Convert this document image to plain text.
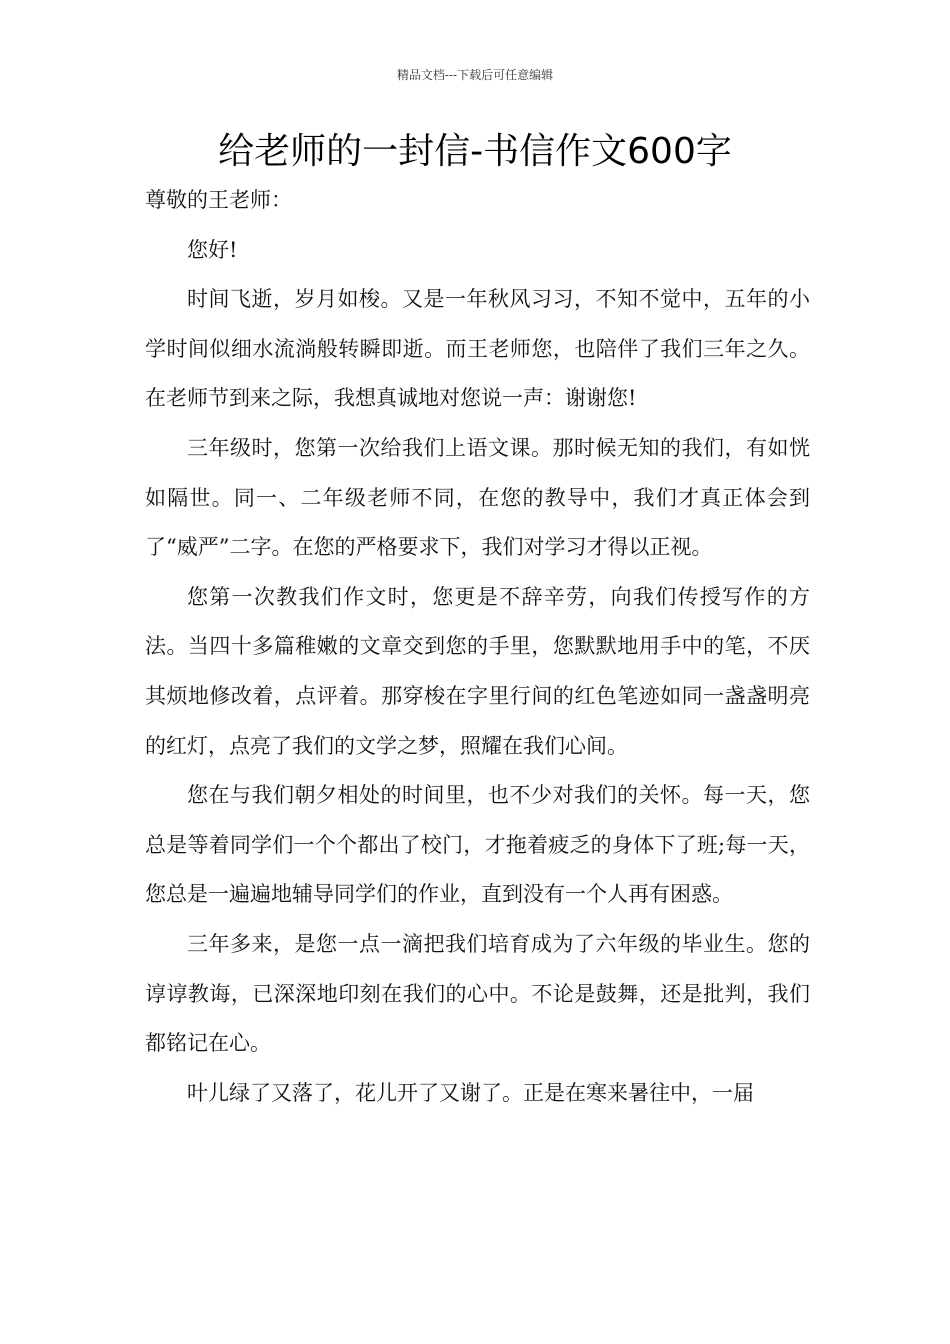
精品文档---下载后可任意编辑
给老师的一封信-书信作文600字

尊敬的王老师：

您好!

时间飞逝，岁月如梭。又是一年秋风习习，不知不觉中，五年的小学时间似细水流淌般转瞬即逝。而王老师您，也陪伴了我们三年之久。在老师节到来之际，我想真诚地对您说一声：谢谢您!

三年级时，您第一次给我们上语文课。那时候无知的我们，有如恍如隔世。同一、二年级老师不同，在您的教导中，我们才真正体会到了“威严”二字。在您的严格要求下，我们对学习才得以正视。

您第一次教我们作文时，您更是不辞辛劳，向我们传授写作的方法。当四十多篇稚嫩的文章交到您的手里，您默默地用手中的笔，不厌其烦地修改着，点评着。那穿梭在字里行间的红色笔迹如同一盏盏明亮的红灯，点亮了我们的文学之梦，照耀在我们心间。

您在与我们朝夕相处的时间里，也不少对我们的关怀。每一天，您总是等着同学们一个个都出了校门，才拖着疲乏的身体下了班;每一天，您总是一遍遍地辅导同学们的作业，直到没有一个人再有困惑。

三年多来，是您一点一滴把我们培育成为了六年级的毕业生。您的谆谆教诲，已深深地印刻在我们的心中。不论是鼓舞，还是批判，我们都铭记在心。

叶儿绿了又落了，花儿开了又谢了。正是在寒来暑往中，一届
